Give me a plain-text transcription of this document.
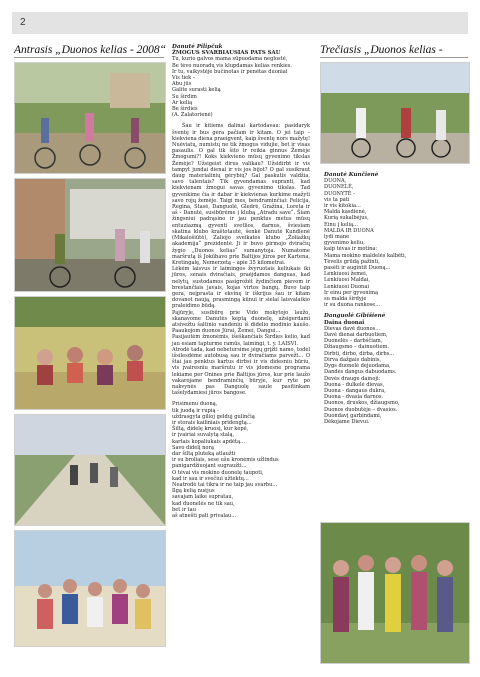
2
Antrasis „Duonos kelias - 2008“	Trečiasis „Duonos kelias -

Danutė Pilipčuk

ŽMOGUS SVARBIAUSIAS PATS SAU

Tu, kurio galvos mama sūpuodama neglostė,
Be tėvo nuoradų vis klupdamas kelias renkies.
Ir tu, vaikystėje bučinotas ir penėtas duoniai
Vis tiek –
Abu jūs
Galite surasti kelią
Su širdim
Ar kelią
Be širdies
(A. Zalatorienė)

Šau ir kitiems dalinai kartodavau: pasidaryk šventę ir bus gera pačiam ir kitam. O jei taip – kiekviena diena praeigvent, kaip šventę nors mažytę! Nuėviatų, numistų ne tik žmogus vidujie, bet ir visas pasaulis. O gal tik šito ir reikia ginnus Žemėje Žmogumi?! Koks kiekvieno mūsų gyvenimo tikslas Žemėje? Užsigeist dirus valikau? Užsidirbt ir vis tampyt jundai dienai ir vis jos bijot? O gal susikraut daug materialinių gėrybių? Gal paskutis valdžia, savo talentais? Tik gyvendamas supranti, kad kiekvienam žmogui savas gyvenimo tikslas. Tad gyvenkime čia ir dabar ir kiekvienas kurkime mažyti savo rojų žemėje. Taigi mes, bendraminčiai: Felicija, Regina, Stasė, Danguolė, Gledrė, Gražina, Loreta ir aš - Danutė, susibūrėme į klubą „Atradu save“. Šiam žingsniui padrąsino ir jau penktus metus mūsų entuziazmą gyventi svetlios, darnus, šviesiam skatina klubo kraštotautė, šenkė Danutė Kundienė (Mikalošiūtė), Zaliojo sveikatos klubo „Žoliažkų akademija“ prezidentė. Ji ir buvo pirmojo dviračių žygio „Duonos kelias“ sumanytoja. Numatome maršrutą iš Jokūbavo prie Baltijos jūros per Kartena, Kretingalę, Nemerzetą – apie 35 kilometrai.
Lėkėm laisvus ir laimingos žvyruotais keliukais iki jūros, senais dviračiais, praėjdamos danguas, kad nelytų, sustodamos pasigrožėt žydinčiom pievom ir brestančiais javais, kojas virtos bangų. Buvo taip gera, neįprasta ir ekvinę ir iškrijus šau ir kitam dovanot naują, prasmingą kūnui ir sielai laisvalaikio praleidimo būdą.
Pajūryje, susibūrę prie Vido mokytojo laužo, skanavome Danutės keptą duonelę, užsigerdami atsivežtu šaltinio vandeniu iš didelio modinio kaušo. Paaukojom duonos Jūrai, Žemei, Dangui...
Pasijautėm žmonėmis, išeškančiais Širdies kelio, kad jau esiam tapturme ramūs, laimingi, t. y. LAISVI.
Atrodė tada, kad nebetursime jėgų grįžti namo, todėl išsilesdėme autobusą sau ir dviračiams parvežt... O štai jau penktus kartus dirbsi ir vis didesniu būriu, vis įvairesniu maršrutu ir vis įdomesne programa lekiame per Onines prie Baltijos jūros, kur prie laužo vakarojame bendraminčių būryje, kur ryte po nakvynės pas Danguolę saule pasitinkam tašelydamiesi jūros bangose.

Prisimenu duoną,
tik juodą ir rupią -
uždrasgyta gilioj gelduj gulinčią
ir storais kailiniais pridengtą...
Šiltą, didelę kruosį, kur kepė,
ir įvairiai suvalytą stalą,
kartais kopaliukais apdėtą...
Savo didelį norą
dar šiltą pluteką atlaužti
ir su broliais, sese ušu kronėmis užlindus
panigardžiuojant sugraužti...
O tėvai vis mokino duonelę taupoti,
kad ir sau ir svečiui užtektų...
Neatrodė tai tikra ir ne taip jau svarbu...
Ilgą kelią nuėjus
savajam laike supratau,
kad duonelės ne tik sau,
bet ir tau
aš atnešti pati privalau...

Danutė Kunčienė

DUONA,
DUONELĖ,
DUONYTĖ -
vis ta pati
ir vis kitokia...
Malda kasdienė,
Kurią sukalbėjus,
Einu į kelią...
MALDA IR DUONA
lydi mane
gyvenimo keliu,
kaip tėvas ir motina:
Mama mokino maldelės kalbėti,
Tėvelis grūdą pažinti,
pasėti ir augintit Duoną...
Lenkiuosi žemei,
Lenkiuosi Maldai,
Lenkiuosi Duonai
Ir einu per gyvenimą
su malda širdyje
ir su duona rankose...

Danguolė Gibišienė

Daina duonai

Dievas davė duonos...
Davė dienai darbuotiem,
Duonelės – darbščiam,
Džiaugsmo – dainuotiem.
Dirbti, dirbo, dirba, dirbs...
Dirva dažgais dabinis,
Dygs duonelė dejuodama,
Dandės dangus dabuodams.
Devės drauge dainoji:
Duona - dulkelė dievas,
Duona - dangaus dukra,
Duona - dvasia darnos.
Duonos, druskos, džiaugsmo,
Duonos duobutėje – dvasios.
Duondavį garbindami,
Dėkojame Dievui.
